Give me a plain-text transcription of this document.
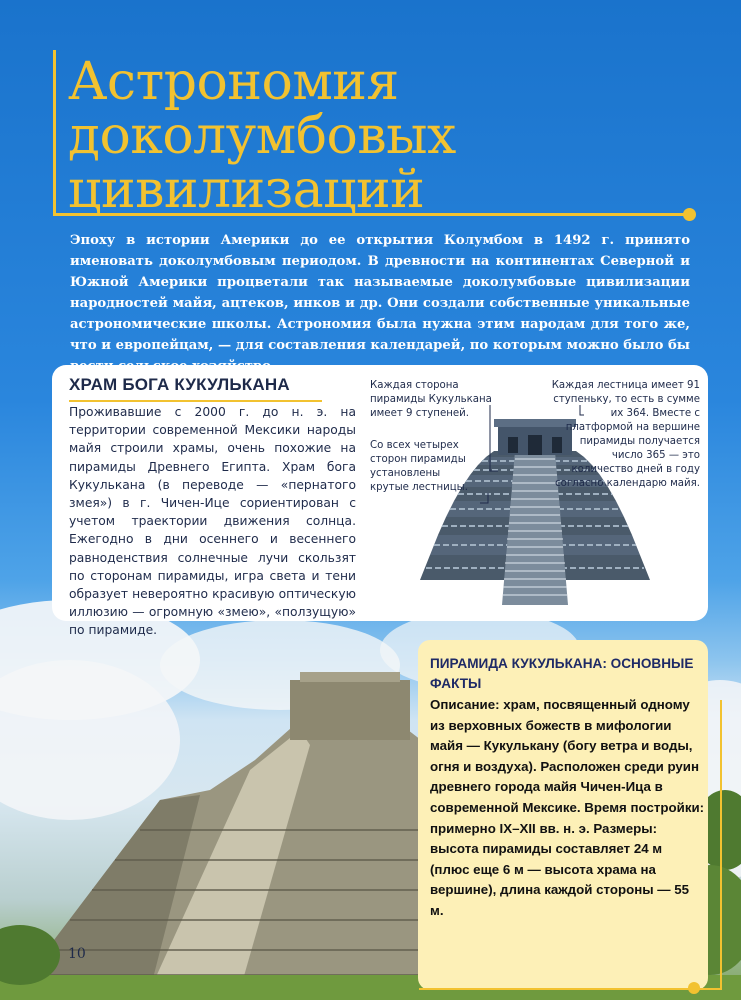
Астрономия доколумбовых цивилизаций

Эпоху в истории Америки до ее открытия Колумбом в 1492 г. принято именовать доколумбовым периодом. В древности на континентах Северной и Южной Америки процветали так называемые доколумбовые цивилизации народностей майя, ацтеков, инков и др. Они создали собственные уникальные астрономические школы. Астрономия была нужна этим народам для того же, что и европейцам, — для составления календарей, по которым можно было бы

ХРАМ БОГА КУКУЛЬКАНА

Проживавшие с 2000 г. до н. э. на территории современной Мексики народы майя строили храмы, очень похожие на пирамиды Древнего Египта. Храм бога Кукулькана (в переводе — «пернатого змея») в г. Чичен-Ице сориентирован с учетом траектории движения солнца. Ежегодно в дни осеннего и весеннего равноденствия солнечные лучи скользят по сторонам пирамиды, игра света и тени образует невероятно красивую оптическую иллюзию — огромную «змею», «ползущую» по пирамиде.

Каждая сторона пирамиды Кукулькана имеет 9 ступеней.

Со всех четырех сторон пирамиды установлены крутые лестницы.

Каждая лестница имеет 91 ступеньку, то есть в сумме их 364. Вместе с платформой на вершине пирамиды получается число 365 — это количество дней в году согласно календарю майя.

ПИРАМИДА КУКУЛЬКАНА: ОСНОВНЫЕ ФАКТЫ

Описание: храм, посвященный одному из верховных божеств в мифологии майя — Кукулькану (богу ветра и воды, огня и воздуха). Расположен среди руин древнего города майя Чичен-Ица в современной Мексике. Время постройки: примерно IX–XII вв. н. э. Размеры: высота пирамиды составляет 24 м (плюс еще 6 м — высота храма на вершине), длина каждой стороны — 55 м.

10
